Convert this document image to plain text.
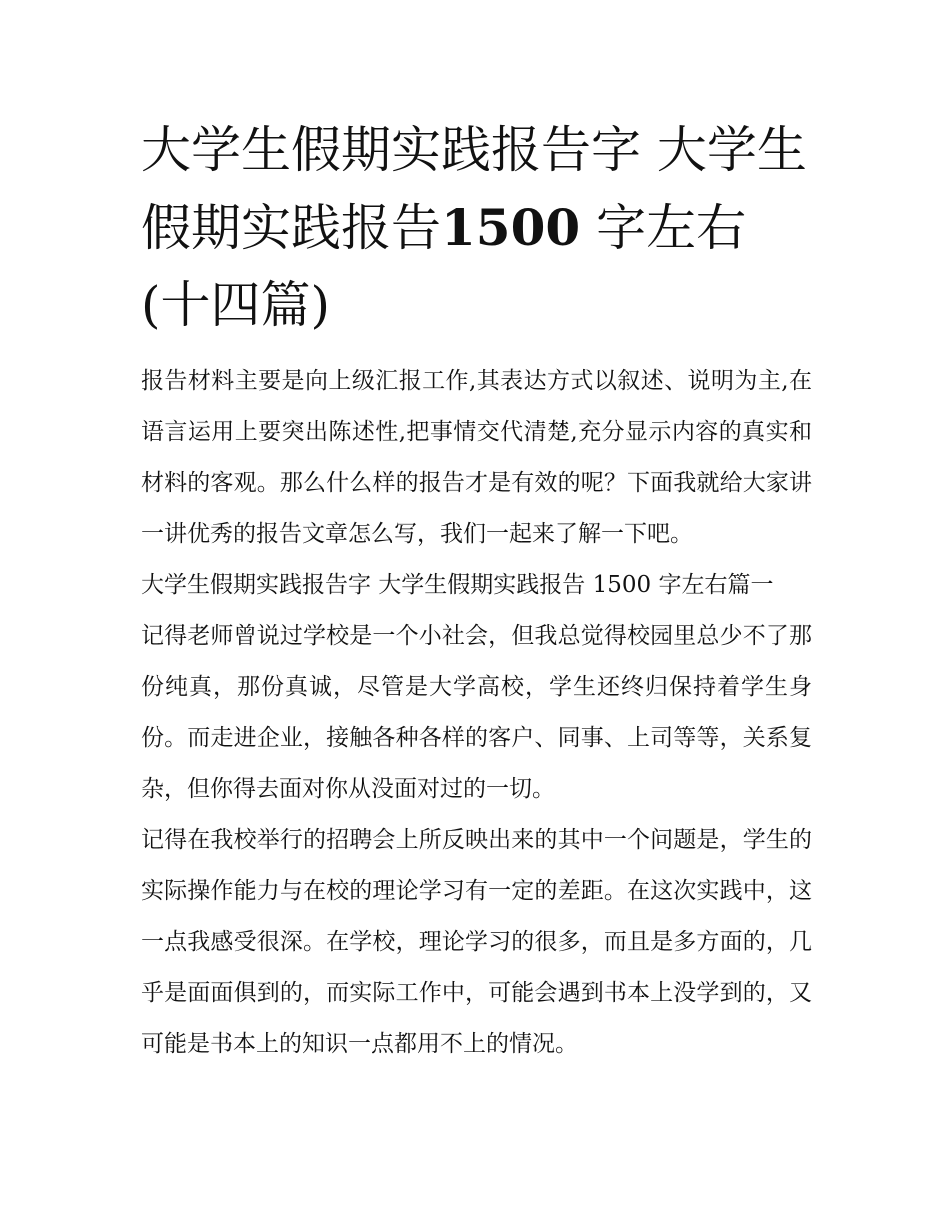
大学生假期实践报告字 大学生假期实践报告1500 字左右(十四篇)

报告材料主要是向上级汇报工作,其表达方式以叙述、说明为主,在语言运用上要突出陈述性,把事情交代清楚,充分显示内容的真实和材料的客观。那么什么样的报告才是有效的呢？下面我就给大家讲一讲优秀的报告文章怎么写，我们一起来了解一下吧。

大学生假期实践报告字 大学生假期实践报告 1500 字左右篇一

记得老师曾说过学校是一个小社会，但我总觉得校园里总少不了那份纯真，那份真诚，尽管是大学高校，学生还终归保持着学生身份。而走进企业，接触各种各样的客户、同事、上司等等，关系复杂，但你得去面对你从没面对过的一切。

记得在我校举行的招聘会上所反映出来的其中一个问题是，学生的实际操作能力与在校的理论学习有一定的差距。在这次实践中，这一点我感受很深。在学校，理论学习的很多，而且是多方面的，几乎是面面俱到的，而实际工作中，可能会遇到书本上没学到的，又可能是书本上的知识一点都用不上的情况。
